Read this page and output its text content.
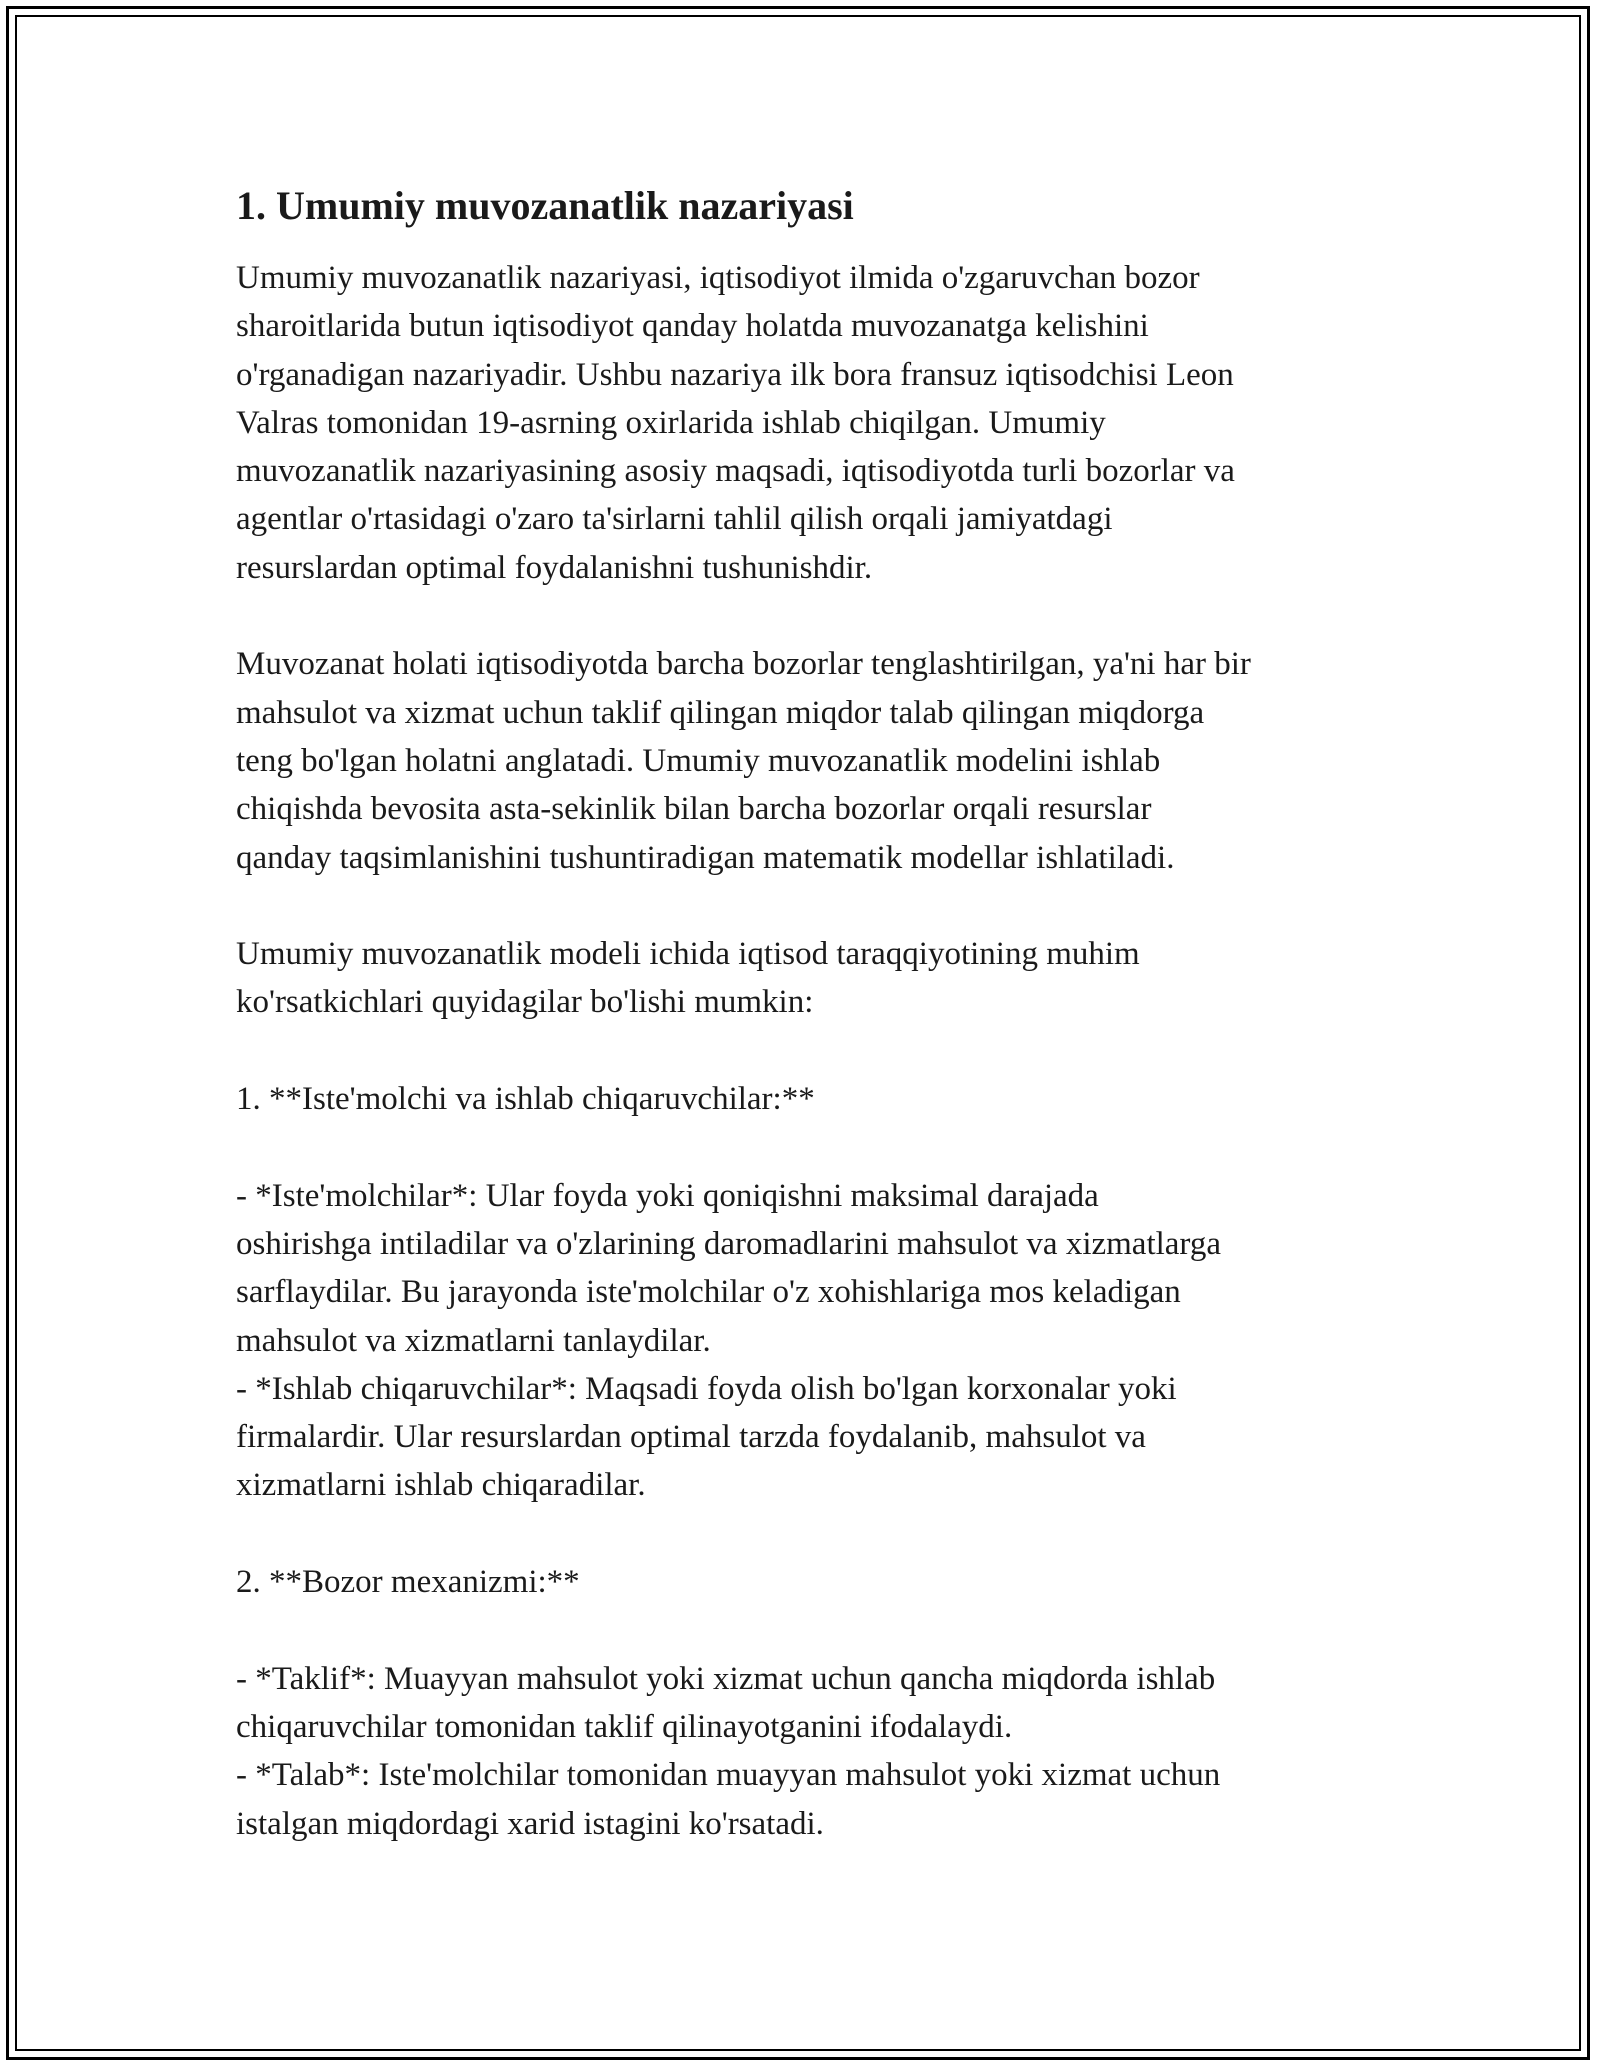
1. Umumiy muvozanatlik nazariyasi

Umumiy muvozanatlik nazariyasi, iqtisodiyot ilmida o'zgaruvchan bozor
sharoitlarida butun iqtisodiyot qanday holatda muvozanatga kelishini
o'rganadigan nazariyadir. Ushbu nazariya ilk bora fransuz iqtisodchisi Leon
Valras tomonidan 19-asrning oxirlarida ishlab chiqilgan. Umumiy
muvozanatlik nazariyasining asosiy maqsadi, iqtisodiyotda turli bozorlar va
agentlar o'rtasidagi o'zaro ta'sirlarni tahlil qilish orqali jamiyatdagi
resurslardan optimal foydalanishni tushunishdir.

Muvozanat holati iqtisodiyotda barcha bozorlar tenglashtirilgan, ya'ni har bir
mahsulot va xizmat uchun taklif qilingan miqdor talab qilingan miqdorga
teng bo'lgan holatni anglatadi. Umumiy muvozanatlik modelini ishlab
chiqishda bevosita asta-sekinlik bilan barcha bozorlar orqali resurslar
qanday taqsimlanishini tushuntiradigan matematik modellar ishlatiladi.

Umumiy muvozanatlik modeli ichida iqtisod taraqqiyotining muhim
ko'rsatkichlari quyidagilar bo'lishi mumkin:

1. **Iste'molchi va ishlab chiqaruvchilar:**

- *Iste'molchilar*: Ular foyda yoki qoniqishni maksimal darajada
oshirishga intiladilar va o'zlarining daromadlarini mahsulot va xizmatlarga
sarflaydilar. Bu jarayonda iste'molchilar o'z xohishlariga mos keladigan
mahsulot va xizmatlarni tanlaydilar.
- *Ishlab chiqaruvchilar*: Maqsadi foyda olish bo'lgan korxonalar yoki
firmalardir. Ular resurslardan optimal tarzda foydalanib, mahsulot va
xizmatlarni ishlab chiqaradilar.

2. **Bozor mexanizmi:**

- *Taklif*: Muayyan mahsulot yoki xizmat uchun qancha miqdorda ishlab
chiqaruvchilar tomonidan taklif qilinayotganini ifodalaydi.
- *Talab*: Iste'molchilar tomonidan muayyan mahsulot yoki xizmat uchun
istalgan miqdordagi xarid istagini ko'rsatadi.
